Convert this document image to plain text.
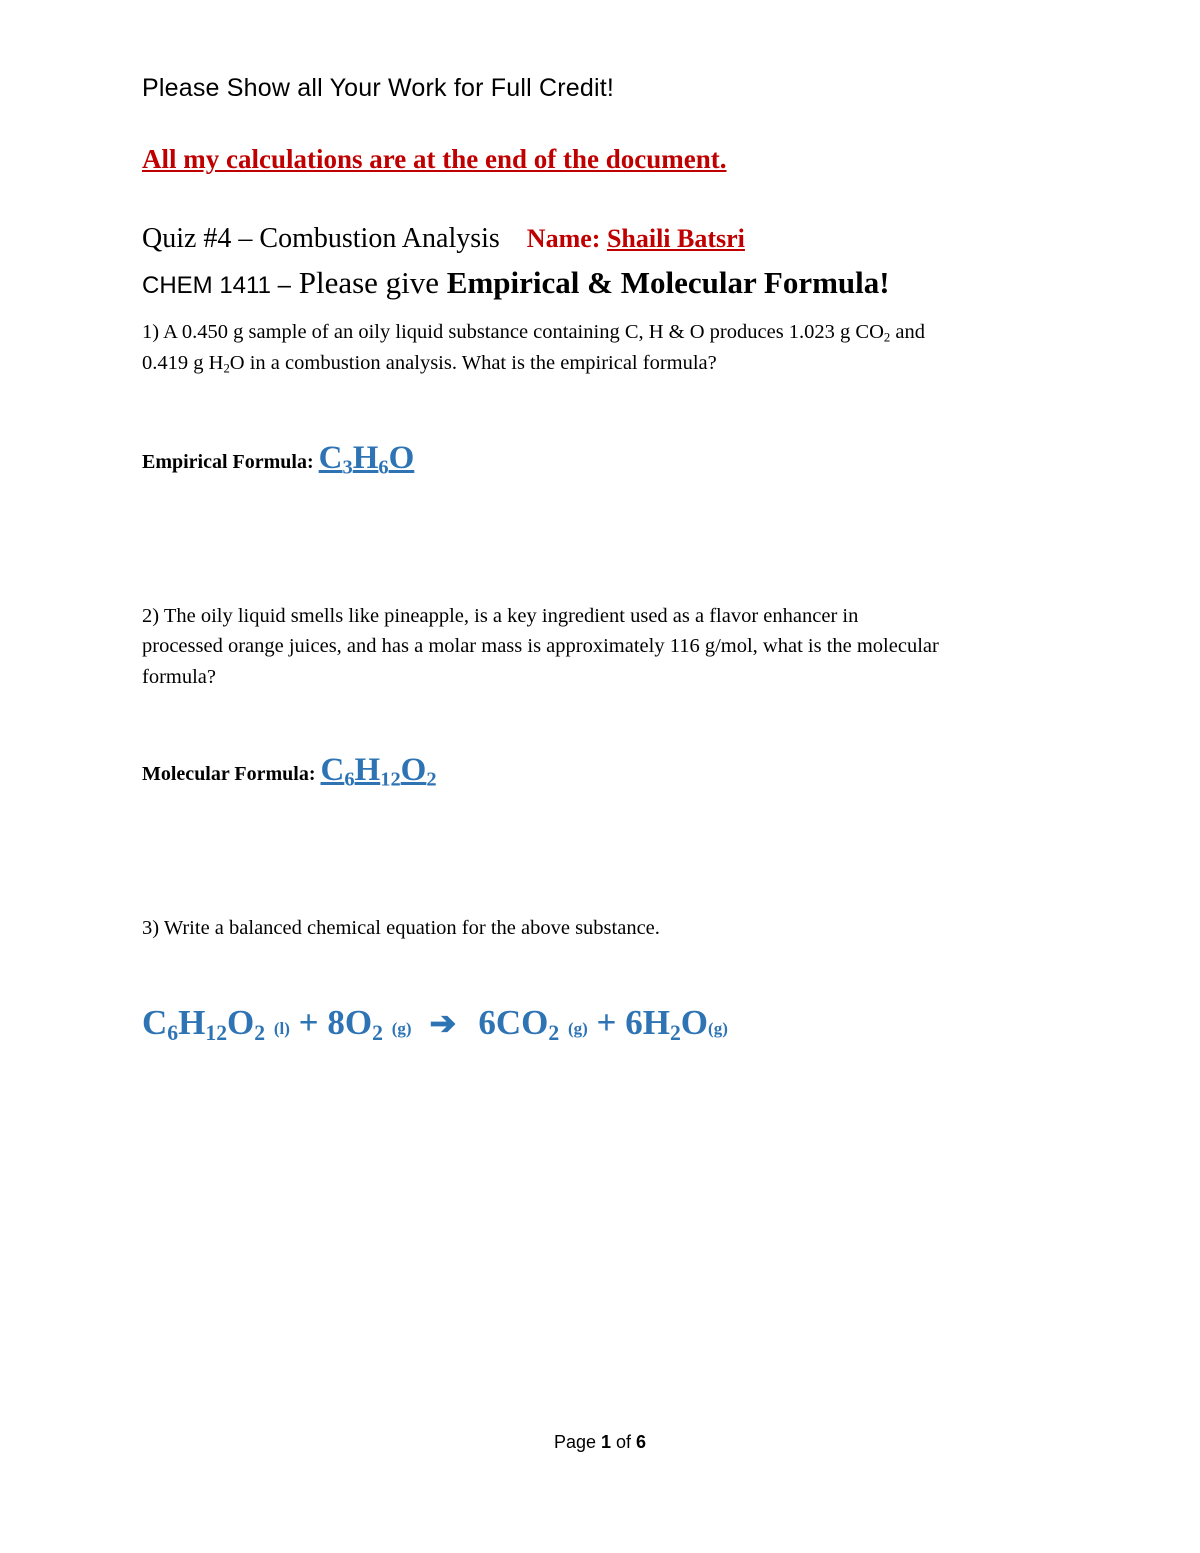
Please Show all Your Work for Full Credit!
All my calculations are at the end of the document.
Quiz #4 – Combustion Analysis Name: Shaili Batsri
CHEM 1411 – Please give Empirical & Molecular Formula!
1) A 0.450 g sample of an oily liquid substance containing C, H & O produces 1.023 g $CO_2$ and
0.419 g $H_2O$ in a combustion analysis. What is the empirical formula?
Empirical Formula: $C_3H_6O$
2) The oily liquid smells like pineapple, is a key ingredient used as a flavor enhancer in
processed orange juices, and has a molar mass is approximately 116 g/mol, what is the molecular
formula?
Molecular Formula: $C_6H_{12}O_2$
3) Write a balanced chemical equation for the above substance.
$C_6H_{12}O_2$ $(l) + 8O_2$ (g) ➔ $6CO_2$ $(g) + 6H_2O(g)$
Page 1 of 6
